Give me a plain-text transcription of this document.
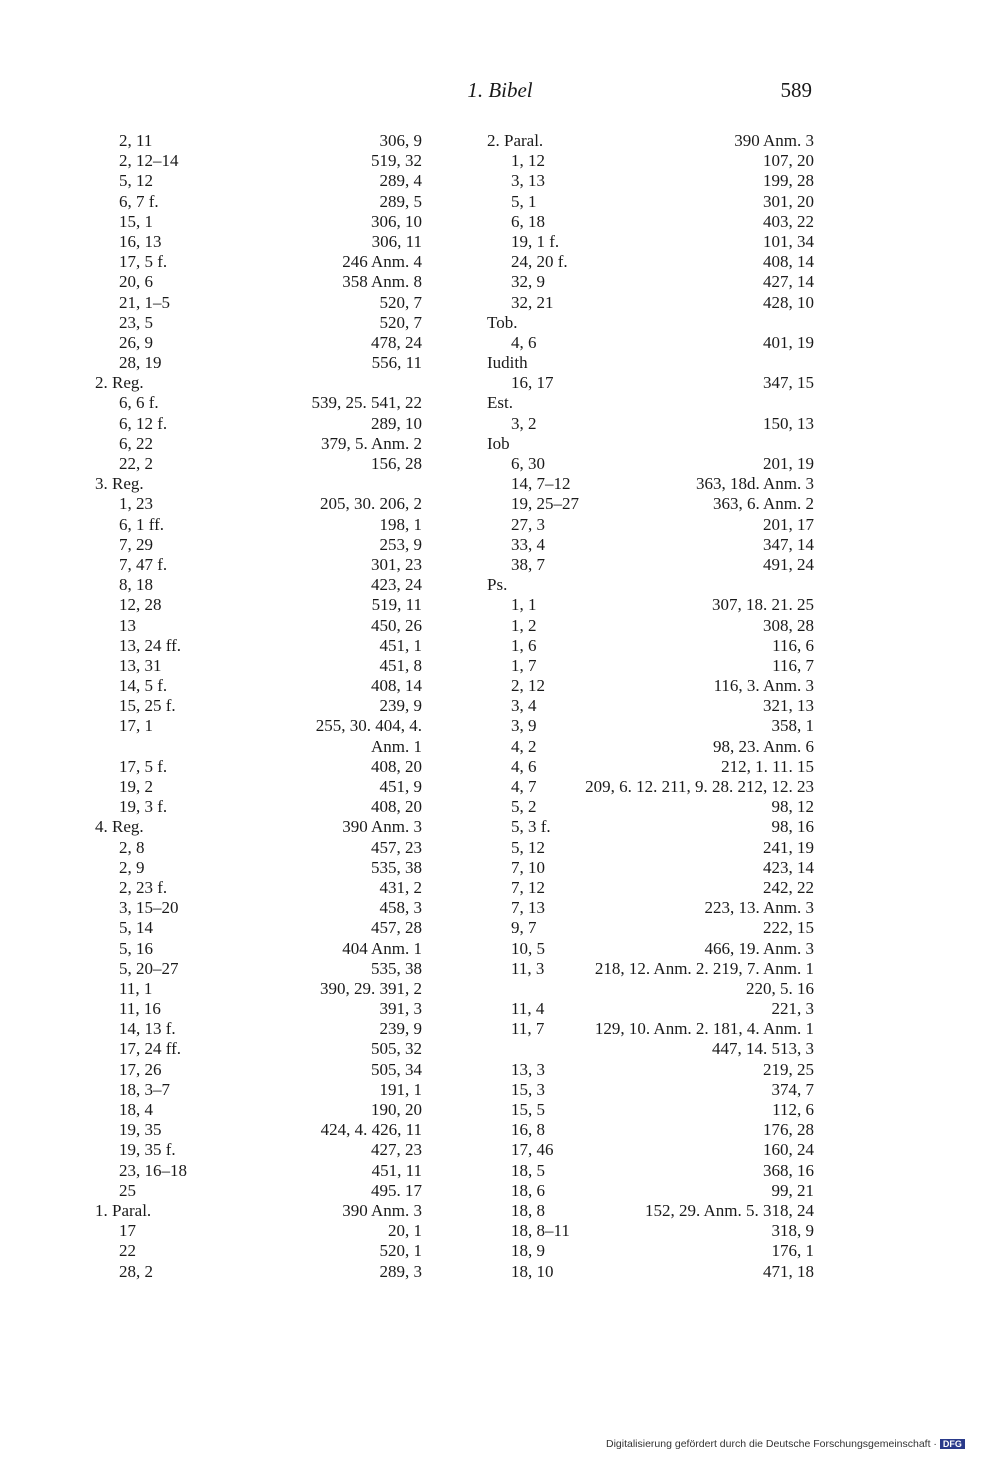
1. Bibel	589
2, 11	306, 9
2, 12–14	519, 32
5, 12	289, 4
6, 7 f.	289, 5
15, 1	306, 10
16, 13	306, 11
17, 5 f.	246 Anm. 4
20, 6	358 Anm. 8
21, 1–5	520, 7
23, 5	520, 7
26, 9	478, 24
28, 19	556, 11
2. Reg.
6, 6 f.	539, 25. 541, 22
6, 12 f.	289, 10
6, 22	379, 5. Anm. 2
22, 2	156, 28
3. Reg.
1, 23	205, 30. 206, 2
6, 1 ff.	198, 1
7, 29	253, 9
7, 47 f.	301, 23
8, 18	423, 24
12, 28	519, 11
13	450, 26
13, 24 ff.	451, 1
13, 31	451, 8
14, 5 f.	408, 14
15, 25 f.	239, 9
17, 1	255, 30. 404, 4.
Anm. 1
17, 5 f.	408, 20
19, 2	451, 9
19, 3 f.	408, 20
4. Reg.	390 Anm. 3
2, 8	457, 23
2, 9	535, 38
2, 23 f.	431, 2
3, 15–20	458, 3
5, 14	457, 28
5, 16	404 Anm. 1
5, 20–27	535, 38
11, 1	390, 29. 391, 2
11, 16	391, 3
14, 13 f.	239, 9
17, 24 ff.	505, 32
17, 26	505, 34
18, 3–7	191, 1
18, 4	190, 20
19, 35	424, 4. 426, 11
19, 35 f.	427, 23
23, 16–18	451, 11
25	495. 17
1. Paral.	390 Anm. 3
17	20, 1
22	520, 1
28, 2	289, 3
2. Paral.	390 Anm. 3
1, 12	107, 20
3, 13	199, 28
5, 1	301, 20
6, 18	403, 22
19, 1 f.	101, 34
24, 20 f.	408, 14
32, 9	427, 14
32, 21	428, 10
Tob.
4, 6	401, 19
Iudith
16, 17	347, 15
Est.
3, 2	150, 13
Iob
6, 30	201, 19
14, 7–12	363, 18d. Anm. 3
19, 25–27	363, 6. Anm. 2
27, 3	201, 17
33, 4	347, 14
38, 7	491, 24
Ps.
1, 1	307, 18. 21. 25
1, 2	308, 28
1, 6	116, 6
1, 7	116, 7
2, 12	116, 3. Anm. 3
3, 4	321, 13
3, 9	358, 1
4, 2	98, 23. Anm. 6
4, 6	212, 1. 11. 15
4, 7	209, 6. 12. 211, 9. 28. 212, 12. 23
5, 2	98, 12
5, 3 f.	98, 16
5, 12	241, 19
7, 10	423, 14
7, 12	242, 22
7, 13	223, 13. Anm. 3
9, 7	222, 15
10, 5	466, 19. Anm. 3
11, 3	218, 12. Anm. 2. 219, 7. Anm. 1
220, 5. 16
11, 4	221, 3
11, 7	129, 10. Anm. 2. 181, 4. Anm. 1
447, 14. 513, 3
13, 3	219, 25
15, 3	374, 7
15, 5	112, 6
16, 8	176, 28
17, 46	160, 24
18, 5	368, 16
18, 6	99, 21
18, 8	152, 29. Anm. 5. 318, 24
18, 8–11	318, 9
18, 9	176, 1
18, 10	471, 18
Digitalisierung gefördert durch die Deutsche Forschungsgemeinschaft · DFG
